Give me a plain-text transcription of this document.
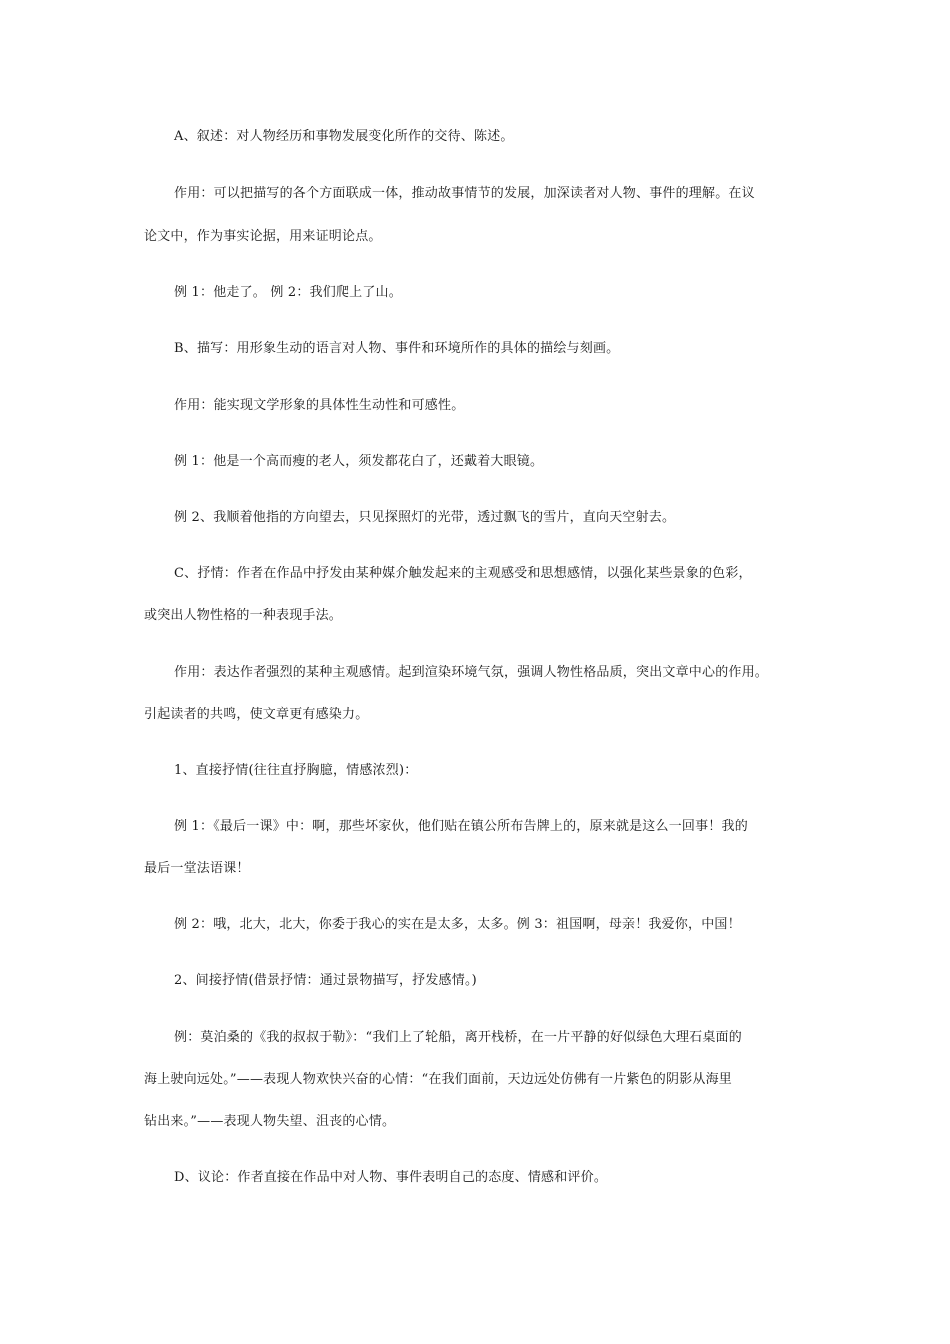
A、叙述：对人物经历和事物发展变化所作的交待、陈述。
作用：可以把描写的各个方面联成一体，推动故事情节的发展，加深读者对人物、事件的理解。在议
论文中，作为事实论据，用来证明论点。
例 1：他走了。 例 2：我们爬上了山。
B、描写：用形象生动的语言对人物、事件和环境所作的具体的描绘与刻画。
作用：能实现文学形象的具体性生动性和可感性。
例 1：他是一个高而瘦的老人，须发都花白了，还戴着大眼镜。
例 2、我顺着他指的方向望去，只见探照灯的光带，透过飘飞的雪片，直向天空射去。
C、抒情：作者在作品中抒发由某种媒介触发起来的主观感受和思想感情，以强化某些景象的色彩，
或突出人物性格的一种表现手法。
作用：表达作者强烈的某种主观感情。起到渲染环境气氛，强调人物性格品质，突出文章中心的作用。
引起读者的共鸣，使文章更有感染力。
1、直接抒情(往往直抒胸臆，情感浓烈)：
例 1：《最后一课》中：啊，那些坏家伙，他们贴在镇公所布告牌上的，原来就是这么一回事！我的
最后一堂法语课！
例 2：哦，北大，北大，你委于我心的实在是太多，太多。例 3：祖国啊，母亲！我爱你，中国！
2、间接抒情(借景抒情：通过景物描写，抒发感情。)
例：莫泊桑的《我的叔叔于勒》：“我们上了轮船，离开栈桥，在一片平静的好似绿色大理石桌面的
海上驶向远处。”——表现人物欢快兴奋的心情：“在我们面前，天边远处仿佛有一片紫色的阴影从海里
钻出来。”——表现人物失望、沮丧的心情。
D、议论：作者直接在作品中对人物、事件表明自己的态度、情感和评价。
